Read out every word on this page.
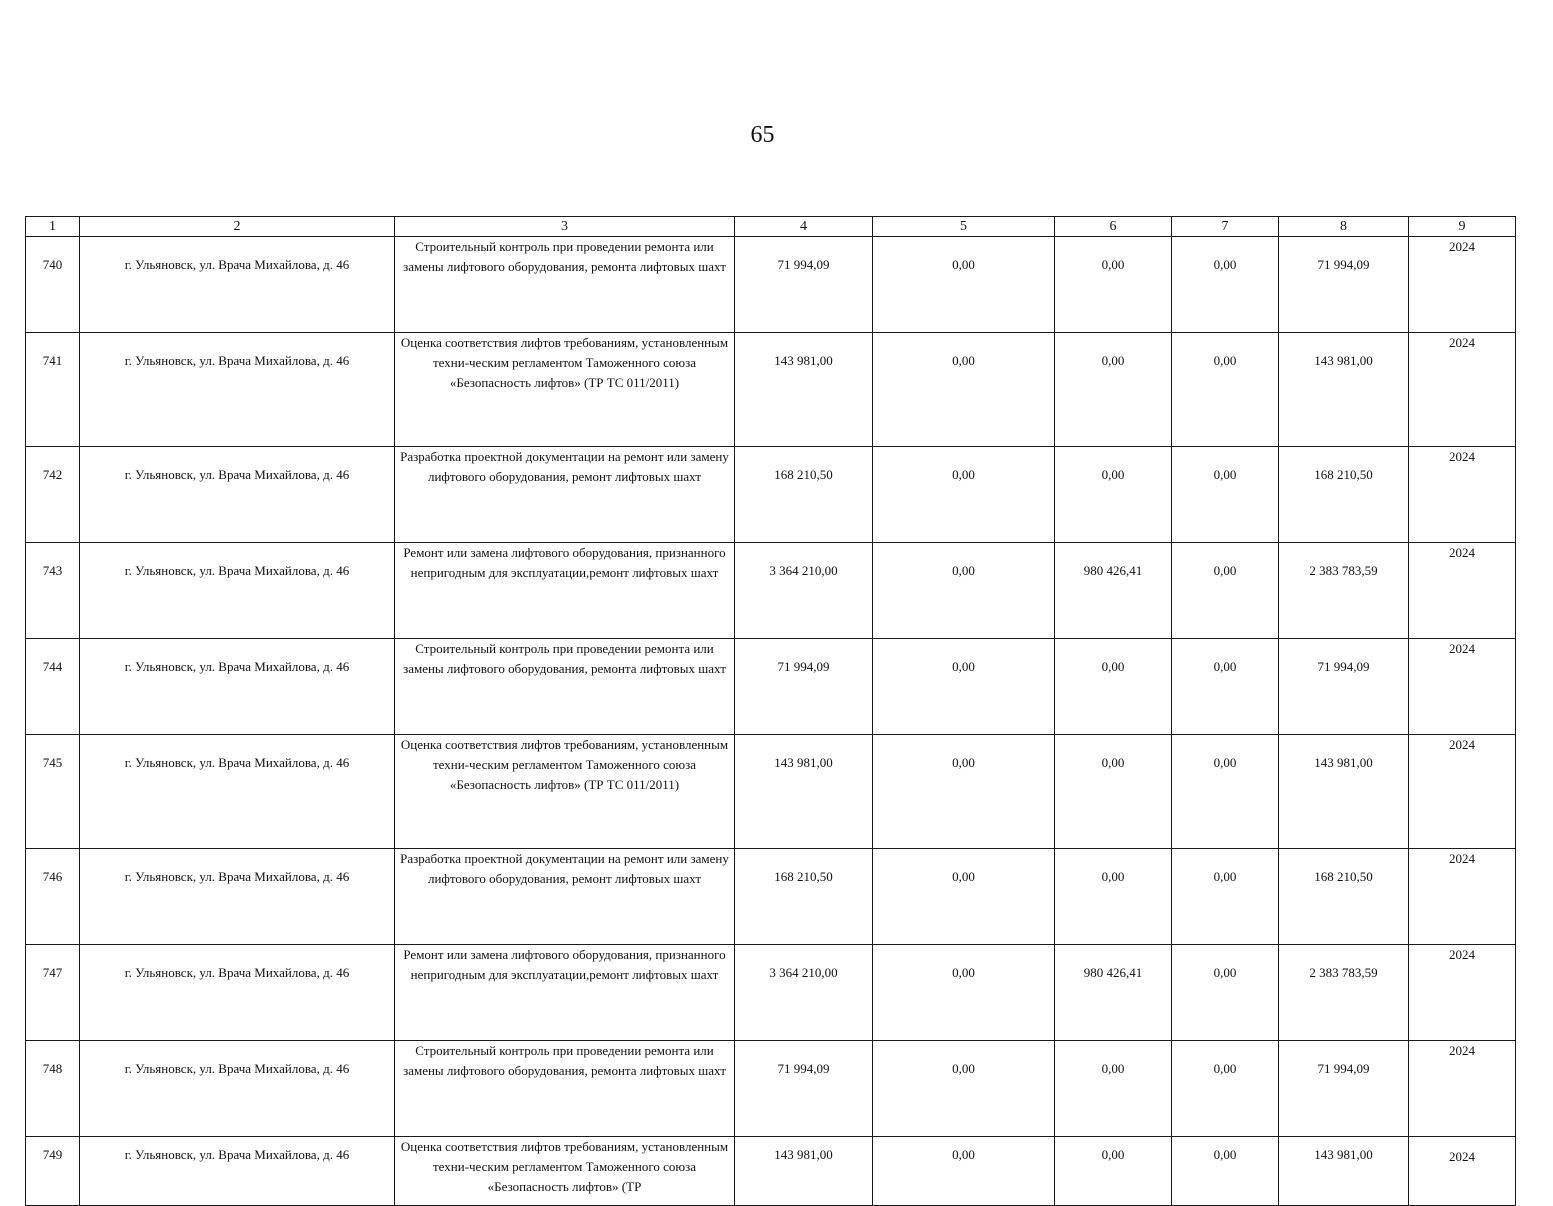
65
1	2	3	4	5	6	7	8	9
740	г. Ульяновск, ул. Врача Михайлова, д. 46	Строительный контроль при проведении ремонта или замены лифтового оборудования, ремонта лифтовых шахт	71 994,09	0,00	0,00	0,00	71 994,09	2024
741	г. Ульяновск, ул. Врача Михайлова, д. 46	Оценка соответствия лифтов требованиям, установленным техни-ческим регламентом Таможенного союза «Безопасность лифтов» (ТР ТС 011/2011)	143 981,00	0,00	0,00	0,00	143 981,00	2024
742	г. Ульяновск, ул. Врача Михайлова, д. 46	Разработка проектной документации на ремонт или замену лифтового оборудования, ремонт лифтовых шахт	168 210,50	0,00	0,00	0,00	168 210,50	2024
743	г. Ульяновск, ул. Врача Михайлова, д. 46	Ремонт или замена лифтового оборудования, признанного непригодным для эксплуатации,ремонт лифтовых шахт	3 364 210,00	0,00	980 426,41	0,00	2 383 783,59	2024
744	г. Ульяновск, ул. Врача Михайлова, д. 46	Строительный контроль при проведении ремонта или замены лифтового оборудования, ремонта лифтовых шахт	71 994,09	0,00	0,00	0,00	71 994,09	2024
745	г. Ульяновск, ул. Врача Михайлова, д. 46	Оценка соответствия лифтов требованиям, установленным техни-ческим регламентом Таможенного союза «Безопасность лифтов» (ТР ТС 011/2011)	143 981,00	0,00	0,00	0,00	143 981,00	2024
746	г. Ульяновск, ул. Врача Михайлова, д. 46	Разработка проектной документации на ремонт или замену лифтового оборудования, ремонт лифтовых шахт	168 210,50	0,00	0,00	0,00	168 210,50	2024
747	г. Ульяновск, ул. Врача Михайлова, д. 46	Ремонт или замена лифтового оборудования, признанного непригодным для эксплуатации,ремонт лифтовых шахт	3 364 210,00	0,00	980 426,41	0,00	2 383 783,59	2024
748	г. Ульяновск, ул. Врача Михайлова, д. 46	Строительный контроль при проведении ремонта или замены лифтового оборудования, ремонта лифтовых шахт	71 994,09	0,00	0,00	0,00	71 994,09	2024
749	г. Ульяновск, ул. Врача Михайлова, д. 46	Оценка соответствия лифтов требованиям, установленным техни-ческим регламентом Таможенного союза «Безопасность лифтов» (ТР	143 981,00	0,00	0,00	0,00	143 981,00	2024
